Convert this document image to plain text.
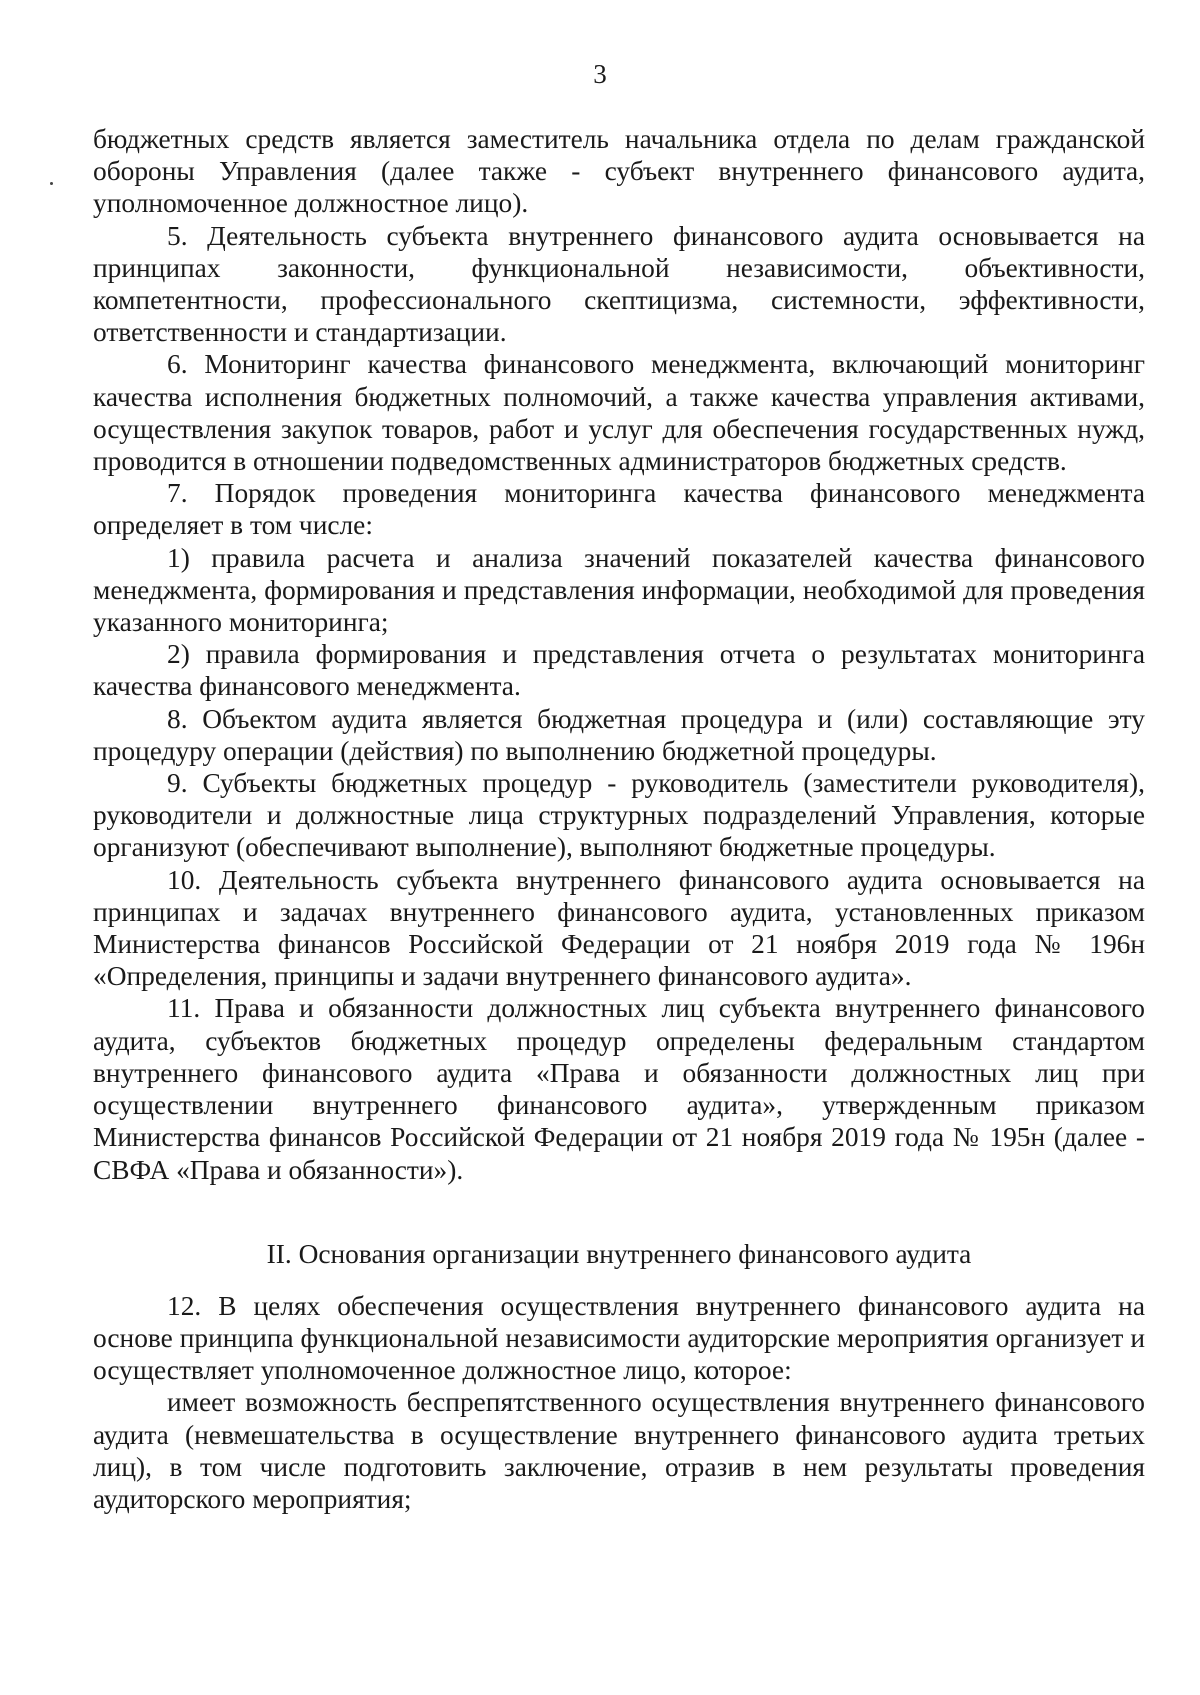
3

бюджетных средств является заместитель начальника отдела по делам гражданской обороны Управления (далее также - субъект внутреннего финансового аудита, уполномоченное должностное лицо).

5. Деятельность субъекта внутреннего финансового аудита основывается на принципах законности, функциональной независимости, объективности, компетентности, профессионального скептицизма, системности, эффективности, ответственности и стандартизации.

6. Мониторинг качества финансового менеджмента, включающий мониторинг качества исполнения бюджетных полномочий, а также качества управления активами, осуществления закупок товаров, работ и услуг для обеспечения государственных нужд, проводится в отношении подведомственных администраторов бюджетных средств.

7. Порядок проведения мониторинга качества финансового менеджмента определяет в том числе:

1) правила расчета и анализа значений показателей качества финансового менеджмента, формирования и представления информации, необходимой для проведения указанного мониторинга;

2) правила формирования и представления отчета о результатах мониторинга качества финансового менеджмента.

8. Объектом аудита является бюджетная процедура и (или) составляющие эту процедуру операции (действия) по выполнению бюджетной процедуры.

9. Субъекты бюджетных процедур - руководитель (заместители руководителя), руководители и должностные лица структурных подразделений Управления, которые организуют (обеспечивают выполнение), выполняют бюджетные процедуры.

10. Деятельность субъекта внутреннего финансового аудита основывается на принципах и задачах внутреннего финансового аудита, установленных приказом Министерства финансов Российской Федерации от 21 ноября 2019 года № 196н «Определения, принципы и задачи внутреннего финансового аудита».

11. Права и обязанности должностных лиц субъекта внутреннего финансового аудита, субъектов бюджетных процедур определены федеральным стандартом внутреннего финансового аудита «Права и обязанности должностных лиц при осуществлении внутреннего финансового аудита», утвержденным приказом Министерства финансов Российской Федерации от 21 ноября 2019 года № 195н (далее - СВФА «Права и обязанности»).

II. Основания организации внутреннего финансового аудита

12. В целях обеспечения осуществления внутреннего финансового аудита на основе принципа функциональной независимости аудиторские мероприятия организует и осуществляет уполномоченное должностное лицо, которое:

имеет возможность беспрепятственного осуществления внутреннего финансового аудита (невмешательства в осуществление внутреннего финансового аудита третьих лиц), в том числе подготовить заключение, отразив в нем результаты проведения аудиторского мероприятия;
